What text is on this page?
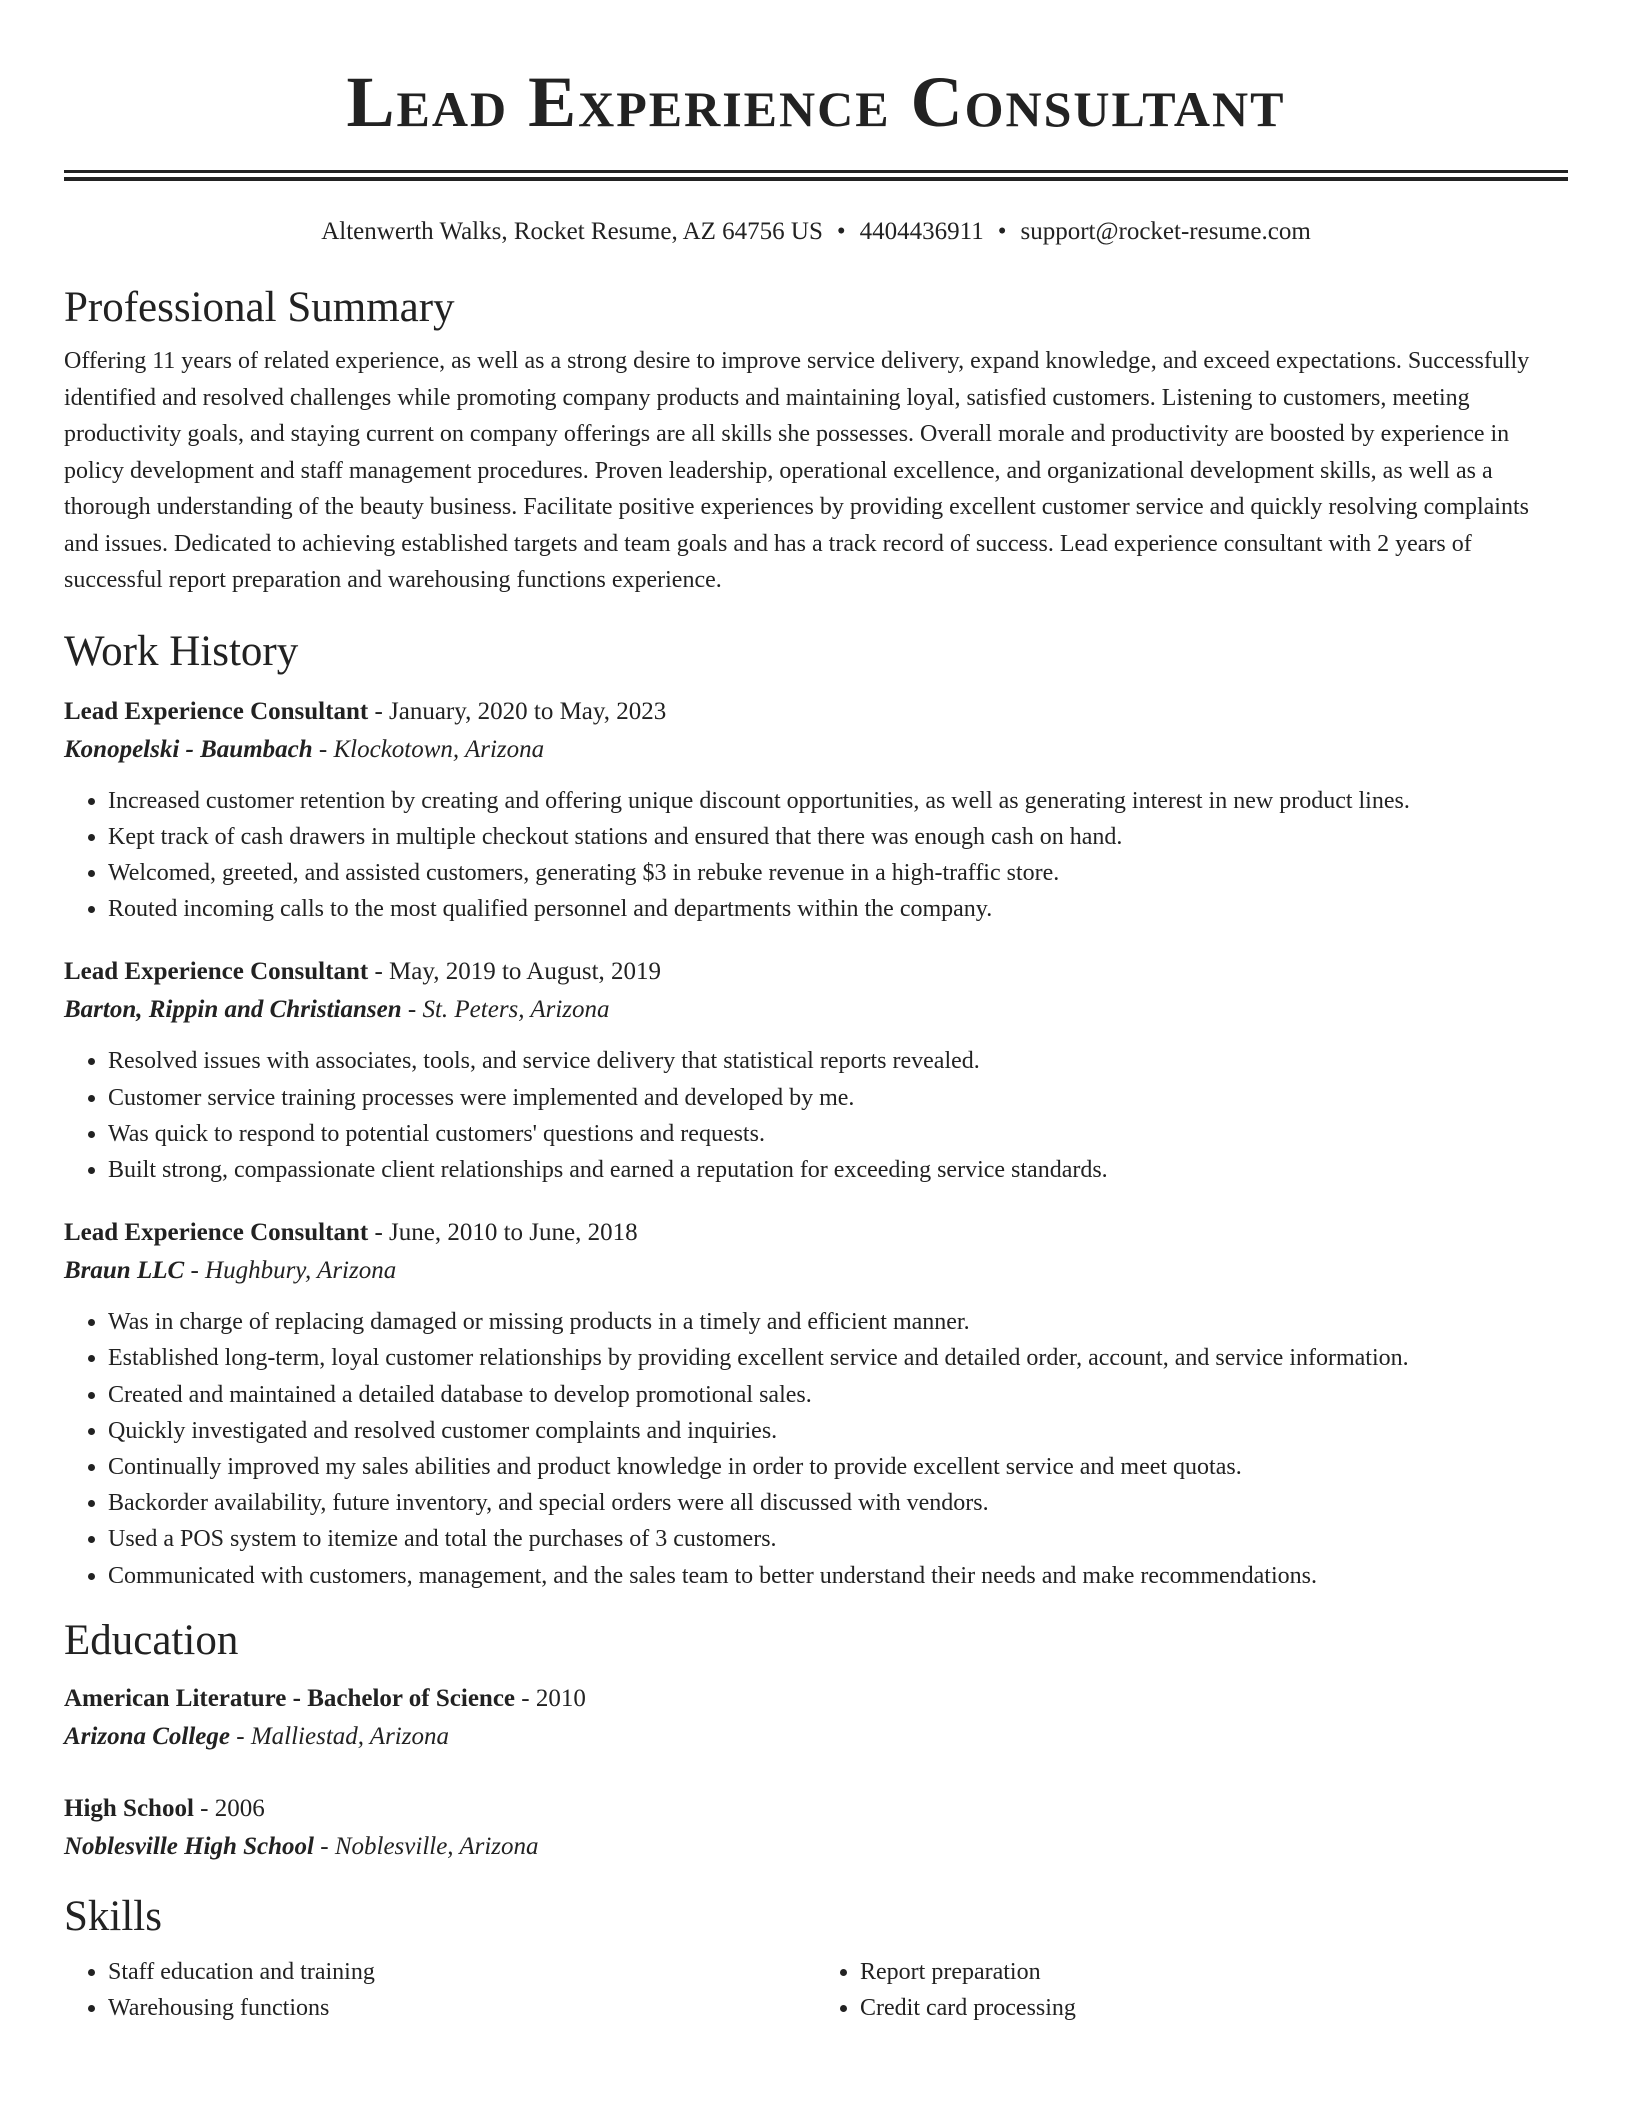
Lead Experience Consultant
Altenwerth Walks, Rocket Resume, AZ 64756 US • 4404436911 • support@rocket-resume.com
Professional Summary

Offering 11 years of related experience, as well as a strong desire to improve service delivery, expand knowledge, and exceed expectations. Successfully identified and resolved challenges while promoting company products and maintaining loyal, satisfied customers. Listening to customers, meeting productivity goals, and staying current on company offerings are all skills she possesses. Overall morale and productivity are boosted by experience in policy development and staff management procedures. Proven leadership, operational excellence, and organizational development skills, as well as a thorough understanding of the beauty business. Facilitate positive experiences by providing excellent customer service and quickly resolving complaints and issues. Dedicated to achieving established targets and team goals and has a track record of success. Lead experience consultant with 2 years of successful report preparation and warehousing functions experience.

Work History
Lead Experience Consultant - January, 2020 to May, 2023
Konopelski - Baumbach - Klockotown, Arizona
• Increased customer retention by creating and offering unique discount opportunities, as well as generating interest in new product lines.
• Kept track of cash drawers in multiple checkout stations and ensured that there was enough cash on hand.
• Welcomed, greeted, and assisted customers, generating $3 in rebuke revenue in a high-traffic store.
• Routed incoming calls to the most qualified personnel and departments within the company.
Lead Experience Consultant - May, 2019 to August, 2019
Barton, Rippin and Christiansen - St. Peters, Arizona
• Resolved issues with associates, tools, and service delivery that statistical reports revealed.
• Customer service training processes were implemented and developed by me.
• Was quick to respond to potential customers' questions and requests.
• Built strong, compassionate client relationships and earned a reputation for exceeding service standards.
Lead Experience Consultant - June, 2010 to June, 2018
Braun LLC - Hughbury, Arizona
• Was in charge of replacing damaged or missing products in a timely and efficient manner.
• Established long-term, loyal customer relationships by providing excellent service and detailed order, account, and service information.
• Created and maintained a detailed database to develop promotional sales.
• Quickly investigated and resolved customer complaints and inquiries.
• Continually improved my sales abilities and product knowledge in order to provide excellent service and meet quotas.
• Backorder availability, future inventory, and special orders were all discussed with vendors.
• Used a POS system to itemize and total the purchases of 3 customers.
• Communicated with customers, management, and the sales team to better understand their needs and make recommendations.
Education
American Literature - Bachelor of Science - 2010
Arizona College - Malliestad, Arizona
High School - 2006
Noblesville High School - Noblesville, Arizona
Skills
• Staff education and training
• Warehousing functions
• Report preparation
• Credit card processing
